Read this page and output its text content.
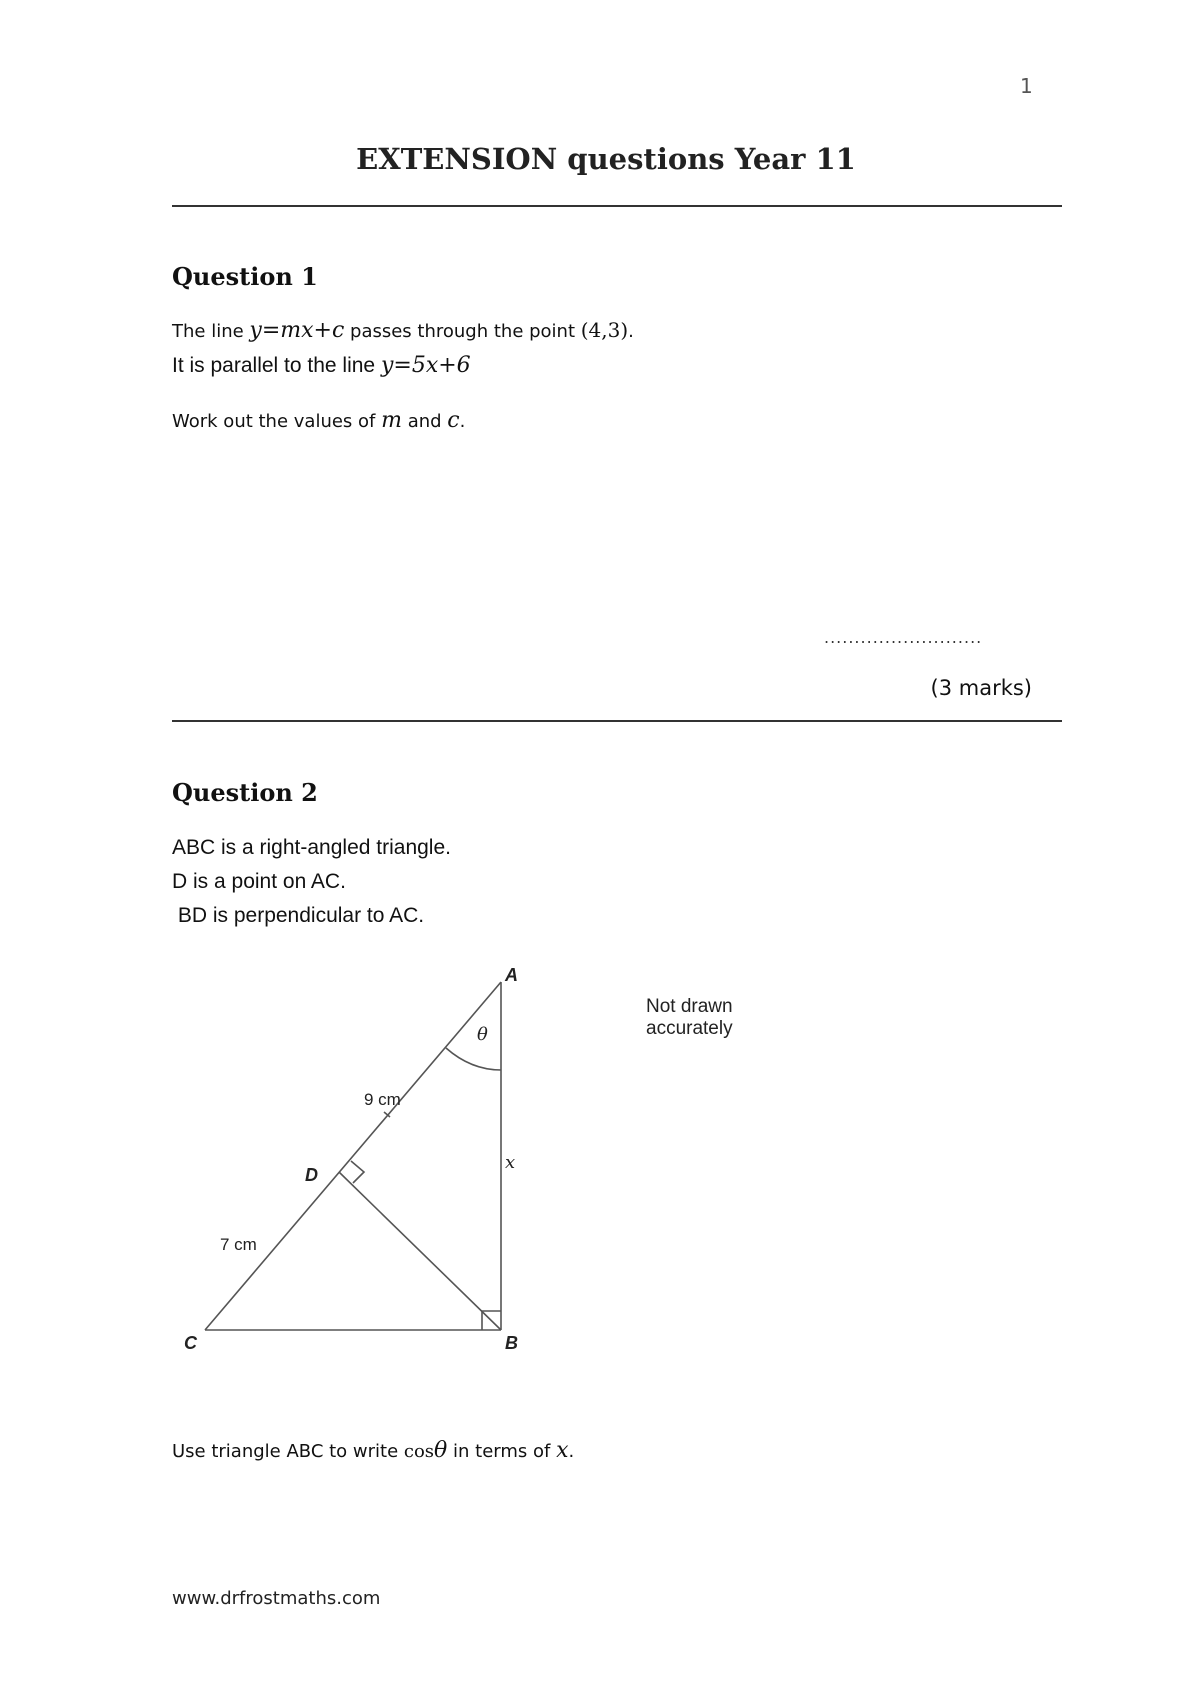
1
EXTENSION questions Year 11
Question 1
The line y=mx+c passes through the point (4,3).
It is parallel to the line y=5x+6
Work out the values of m and c.
..........................
(3 marks)
Question 2
ABC is a right-angled triangle.
D is a point on AC.
BD is perpendicular to AC.
A
B
C
D
θ
x
9 cm
7 cm
Not drawn
accurately
Use triangle ABC to write cosθ in terms of x.
www.drfrostmaths.com
